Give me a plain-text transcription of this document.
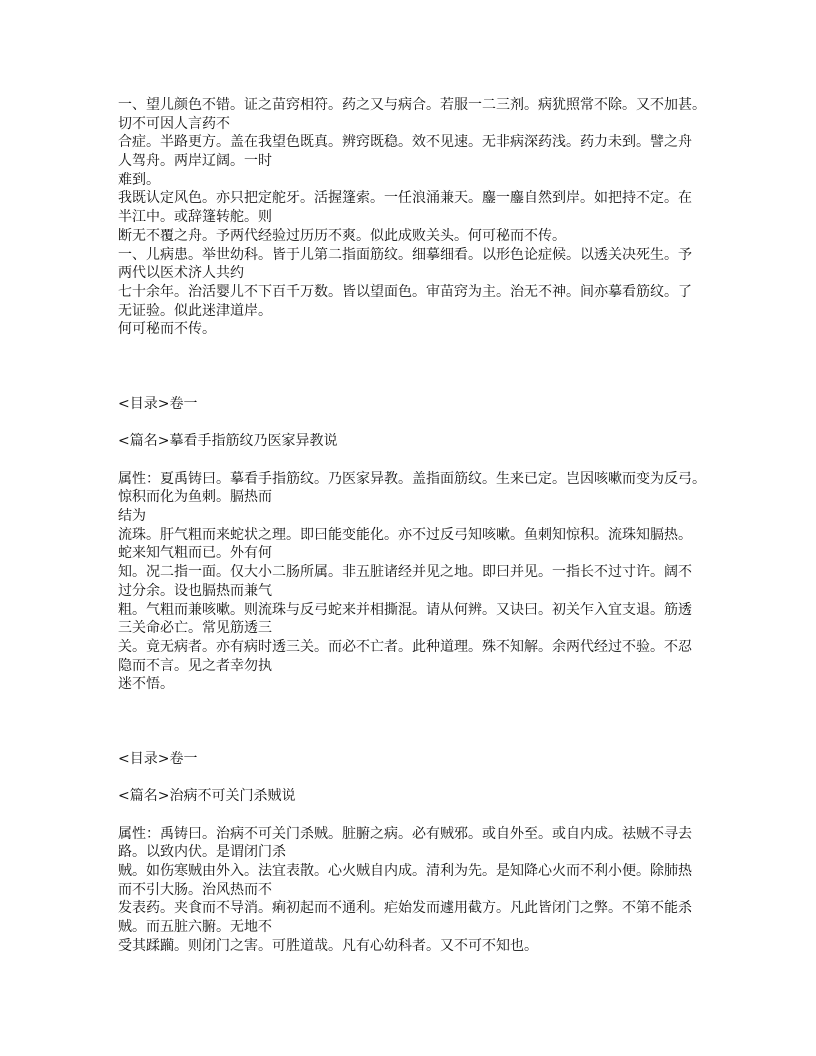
一、望儿颜色不错。证之苗窍相符。药之又与病合。若服一二三剂。病犹照常不除。又不加甚。
切不可因人言药不
合症。半路更方。盖在我望色既真。辨窍既稳。效不见速。无非病深药浅。药力未到。譬之舟
人驾舟。两岸辽阔。一时
难到。
我既认定风色。亦只把定舵牙。活握篷索。一任浪涌兼天。鏖一鏖自然到岸。如把持不定。在
半江中。或辞篷转舵。则
断无不覆之舟。予两代经验过历历不爽。似此成败关头。何可秘而不传。
一、儿病患。举世幼科。皆于儿第二指面筋纹。细摹细看。以形色论症候。以透关决死生。予
两代以医术济人共约
七十余年。治活婴儿不下百千万数。皆以望面色。审苗窍为主。治无不神。间亦摹看筋纹。了
无证验。似此迷津道岸。
何可秘而不传。
<目录>卷一
<篇名>摹看手指筋纹乃医家异教说
属性：夏禹铸曰。摹看手指筋纹。乃医家异教。盖指面筋纹。生来已定。岂因咳嗽而变为反弓。
惊积而化为鱼刺。膈热而
结为
流珠。肝气粗而来蛇状之理。即曰能变能化。亦不过反弓知咳嗽。鱼刺知惊积。流珠知膈热。
蛇来知气粗而已。外有何
知。况二指一面。仅大小二肠所属。非五脏诸经并见之地。即曰并见。一指长不过寸许。阔不
过分余。设也膈热而兼气
粗。气粗而兼咳嗽。则流珠与反弓蛇来并相撕混。请从何辨。又诀曰。初关乍入宜支退。筋透
三关命必亡。常见筋透三
关。竟无病者。亦有病时透三关。而必不亡者。此种道理。殊不知解。余两代经过不验。不忍
隐而不言。见之者幸勿执
迷不悟。
<目录>卷一
<篇名>治病不可关门杀贼说
属性：禹铸曰。治病不可关门杀贼。脏腑之病。必有贼邪。或自外至。或自内成。祛贼不寻去
路。以致内伏。是谓闭门杀
贼。如伤寒贼由外入。法宜表散。心火贼自内成。清利为先。是知降心火而不利小便。除肺热
而不引大肠。治风热而不
发表药。夹食而不导消。痢初起而不通利。疟始发而遽用截方。凡此皆闭门之弊。不第不能杀
贼。而五脏六腑。无地不
受其蹂躏。则闭门之害。可胜道哉。凡有心幼科者。又不可不知也。
